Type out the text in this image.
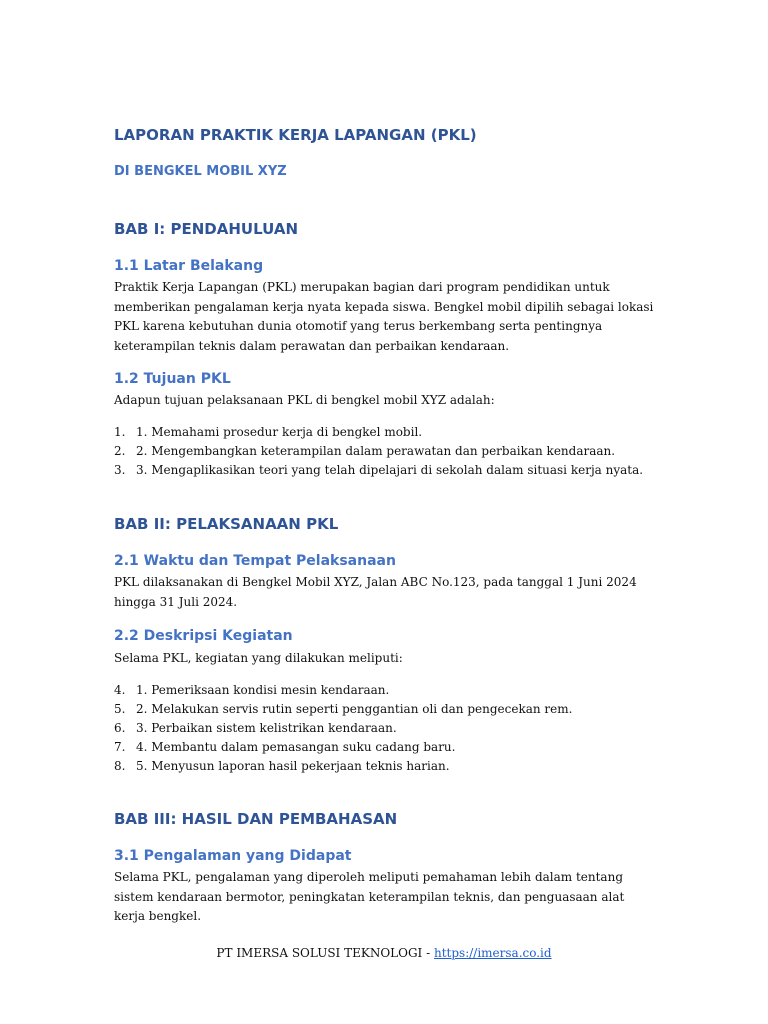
LAPORAN PRAKTIK KERJA LAPANGAN (PKL)
DI BENGKEL MOBIL XYZ
BAB I: PENDAHULUAN
1.1 Latar Belakang

Praktik Kerja Lapangan (PKL) merupakan bagian dari program pendidikan untuk memberikan pengalaman kerja nyata kepada siswa. Bengkel mobil dipilih sebagai lokasi PKL karena kebutuhan dunia otomotif yang terus berkembang serta pentingnya keterampilan teknis dalam perawatan dan perbaikan kendaraan.

1.2 Tujuan PKL

Adapun tujuan pelaksanaan PKL di bengkel mobil XYZ adalah:

1. 1. Memahami prosedur kerja di bengkel mobil.
2. 2. Mengembangkan keterampilan dalam perawatan dan perbaikan kendaraan.
3. 3. Mengaplikasikan teori yang telah dipelajari di sekolah dalam situasi kerja nyata.
BAB II: PELAKSANAAN PKL
2.1 Waktu dan Tempat Pelaksanaan

PKL dilaksanakan di Bengkel Mobil XYZ, Jalan ABC No.123, pada tanggal 1 Juni 2024 hingga 31 Juli 2024.

2.2 Deskripsi Kegiatan

Selama PKL, kegiatan yang dilakukan meliputi:

4. 1. Pemeriksaan kondisi mesin kendaraan.
5. 2. Melakukan servis rutin seperti penggantian oli dan pengecekan rem.
6. 3. Perbaikan sistem kelistrikan kendaraan.
7. 4. Membantu dalam pemasangan suku cadang baru.
8. 5. Menyusun laporan hasil pekerjaan teknis harian.
BAB III: HASIL DAN PEMBAHASAN
3.1 Pengalaman yang Didapat

Selama PKL, pengalaman yang diperoleh meliputi pemahaman lebih dalam tentang sistem kendaraan bermotor, peningkatan keterampilan teknis, dan penguasaan alat kerja bengkel.

PT IMERSA SOLUSI TEKNOLOGI - https://imersa.co.id
